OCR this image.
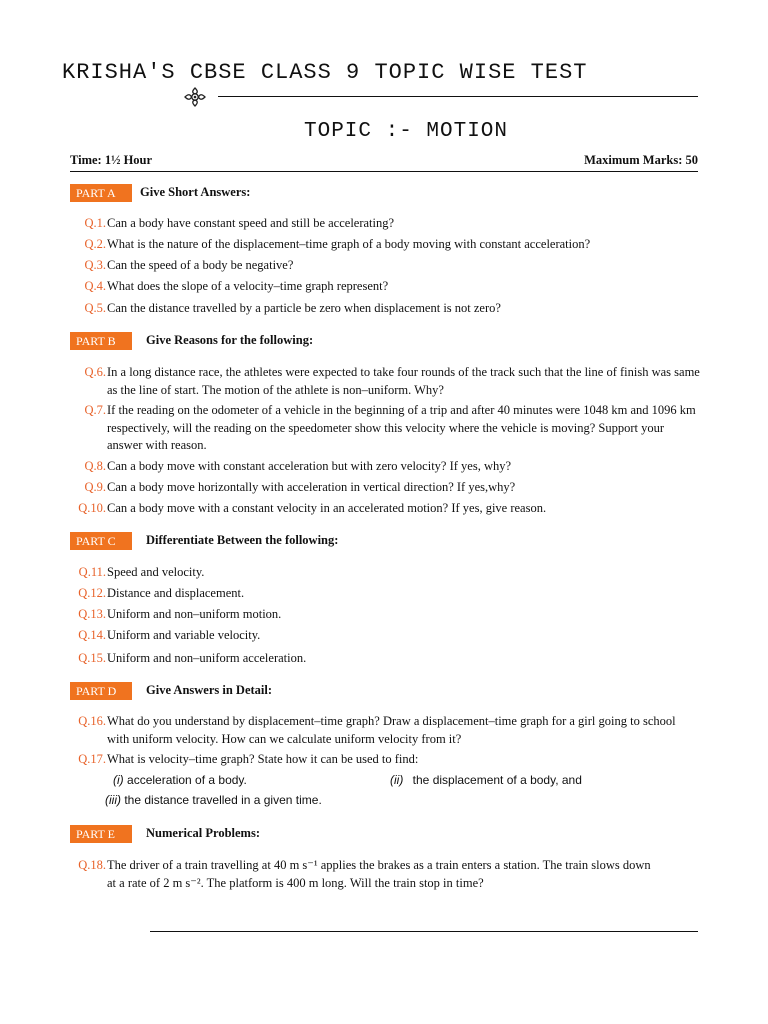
KRISHA'S CBSE CLASS 9 TOPIC WISE TEST
TOPIC :- MOTION
Time: 1½ Hour	Maximum Marks: 50
PART A	Give Short Answers:
Q.1. Can a body have constant speed and still be accelerating?
Q.2. What is the nature of the displacement–time graph of a body moving with constant acceleration?
Q.3. Can the speed of a body be negative?
Q.4. What does the slope of a velocity–time graph represent?
Q.5. Can the distance travelled by a particle be zero when displacement is not zero?
PART B	Give Reasons for the following:
Q.6. In a long distance race, the athletes were expected to take four rounds of the track such that the line of finish was same as the line of start. The motion of the athlete is non–uniform. Why?
Q.7. If the reading on the odometer of a vehicle in the beginning of a trip and after 40 minutes were 1048 km and 1096 km respectively, will the reading on the speedometer show this velocity where the vehicle is moving? Support your answer with reason.
Q.8. Can a body move with constant acceleration but with zero velocity? If yes, why?
Q.9. Can a body move horizontally with acceleration in vertical direction? If yes,why?
Q.10. Can a body move with a constant velocity in an accelerated motion? If yes, give reason.
PART C	Differentiate Between the following:
Q.11. Speed and velocity.
Q.12. Distance and displacement.
Q.13. Uniform and non–uniform motion.
Q.14. Uniform and variable velocity.
Q.15. Uniform and non–uniform acceleration.
PART D	Give Answers in Detail:
Q.16. What do you understand by displacement–time graph? Draw a displacement–time graph for a girl going to school with uniform velocity. How can we calculate uniform velocity from it?
Q.17. What is velocity–time graph? State how it can be used to find:
(i) acceleration of a body.	(ii) the displacement of a body, and
(iii) the distance travelled in a given time.
PART E	Numerical Problems:
Q.18. The driver of a train travelling at 40 m s⁻¹ applies the brakes as a train enters a station. The train slows down
at a rate of 2 m s⁻². The platform is 400 m long. Will the train stop in time?
